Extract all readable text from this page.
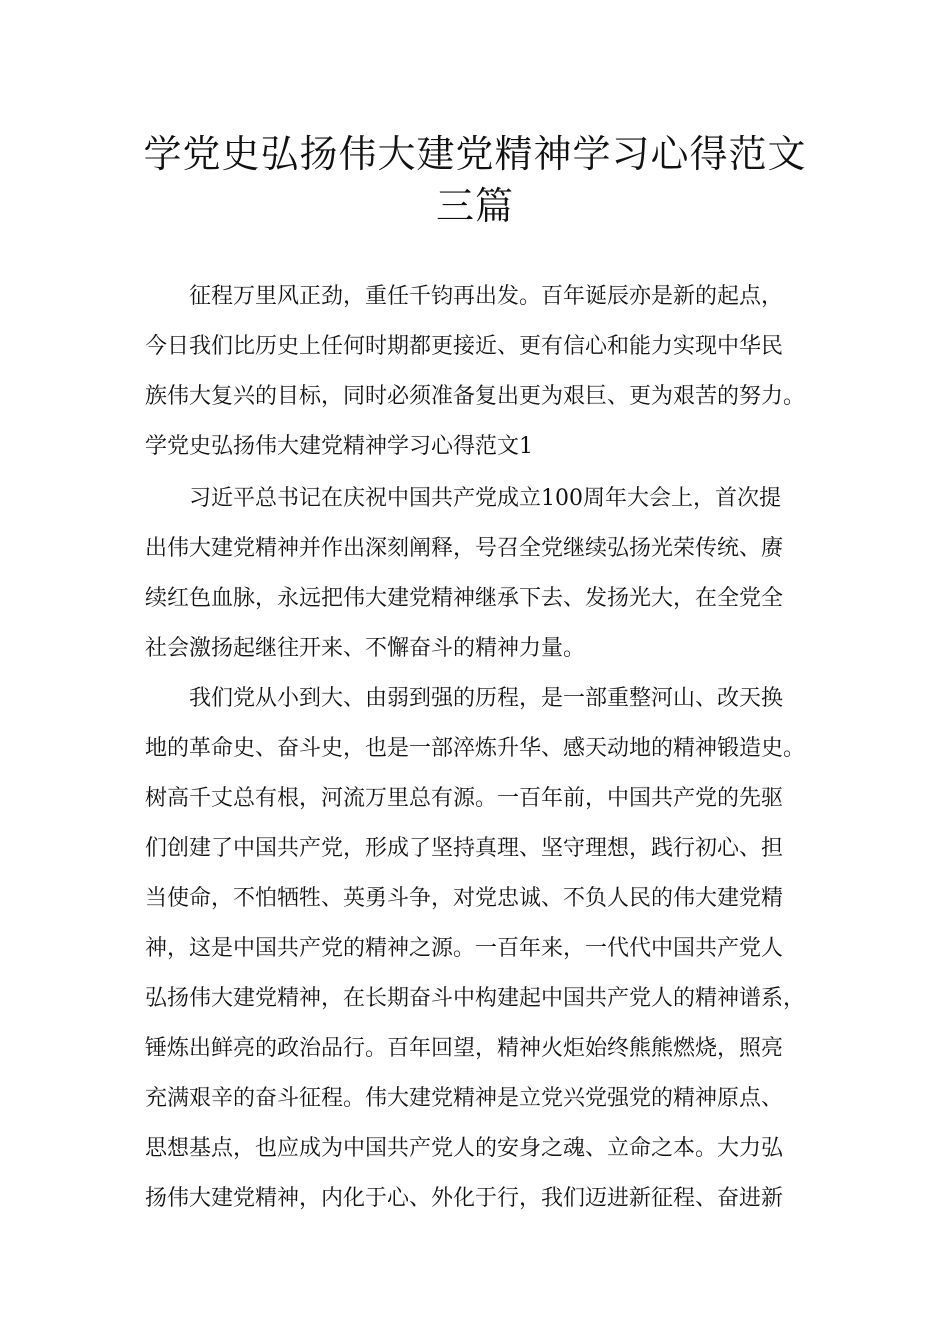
学党史弘扬伟大建党精神学习心得范文
三篇
征程万里风正劲，重任千钧再出发。百年诞辰亦是新的起点，
今日我们比历史上任何时期都更接近、更有信心和能力实现中华民
族伟大复兴的目标，同时必须准备复出更为艰巨、更为艰苦的努力。
学党史弘扬伟大建党精神学习心得范文1
习近平总书记在庆祝中国共产党成立100周年大会上，首次提
出伟大建党精神并作出深刻阐释，号召全党继续弘扬光荣传统、赓
续红色血脉，永远把伟大建党精神继承下去、发扬光大，在全党全
社会激扬起继往开来、不懈奋斗的精神力量。
我们党从小到大、由弱到强的历程，是一部重整河山、改天换
地的革命史、奋斗史，也是一部淬炼升华、感天动地的精神锻造史。
树高千丈总有根，河流万里总有源。一百年前，中国共产党的先驱
们创建了中国共产党，形成了坚持真理、坚守理想，践行初心、担
当使命，不怕牺牲、英勇斗争，对党忠诚、不负人民的伟大建党精
神，这是中国共产党的精神之源。一百年来，一代代中国共产党人
弘扬伟大建党精神，在长期奋斗中构建起中国共产党人的精神谱系，
锤炼出鲜亮的政治品行。百年回望，精神火炬始终熊熊燃烧，照亮
充满艰辛的奋斗征程。伟大建党精神是立党兴党强党的精神原点、
思想基点，也应成为中国共产党人的安身之魂、立命之本。大力弘
扬伟大建党精神，内化于心、外化于行，我们迈进新征程、奋进新
